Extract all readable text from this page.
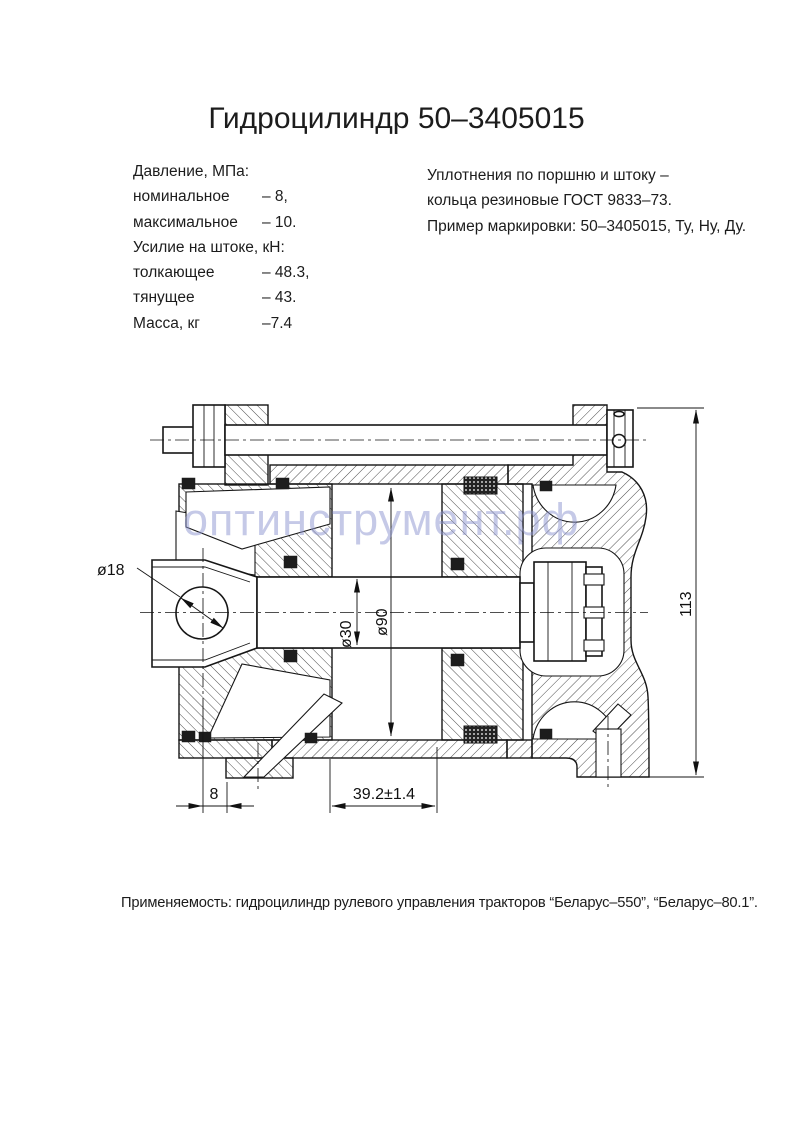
Гидроцилиндр 50–3405015
Давление, МПа:
номинальное	– 8,
максимальное	– 10.
Усилие на штоке, кН:
толкающее	– 48.3,
тянущее	– 43.
Масса, кг	–7.4
Уплотнения по поршню и штоку –
кольца резиновые ГОСТ 9833–73.
Пример маркировки: 50–3405015, Ту, Ну, Ду.
ø18
ø30 ø90
113
8	39.2±1.4
оптинструмент.рф
Применяемость: гидроцилиндр рулевого управления тракторов “Беларус–550”, “Беларус–80.1”.
